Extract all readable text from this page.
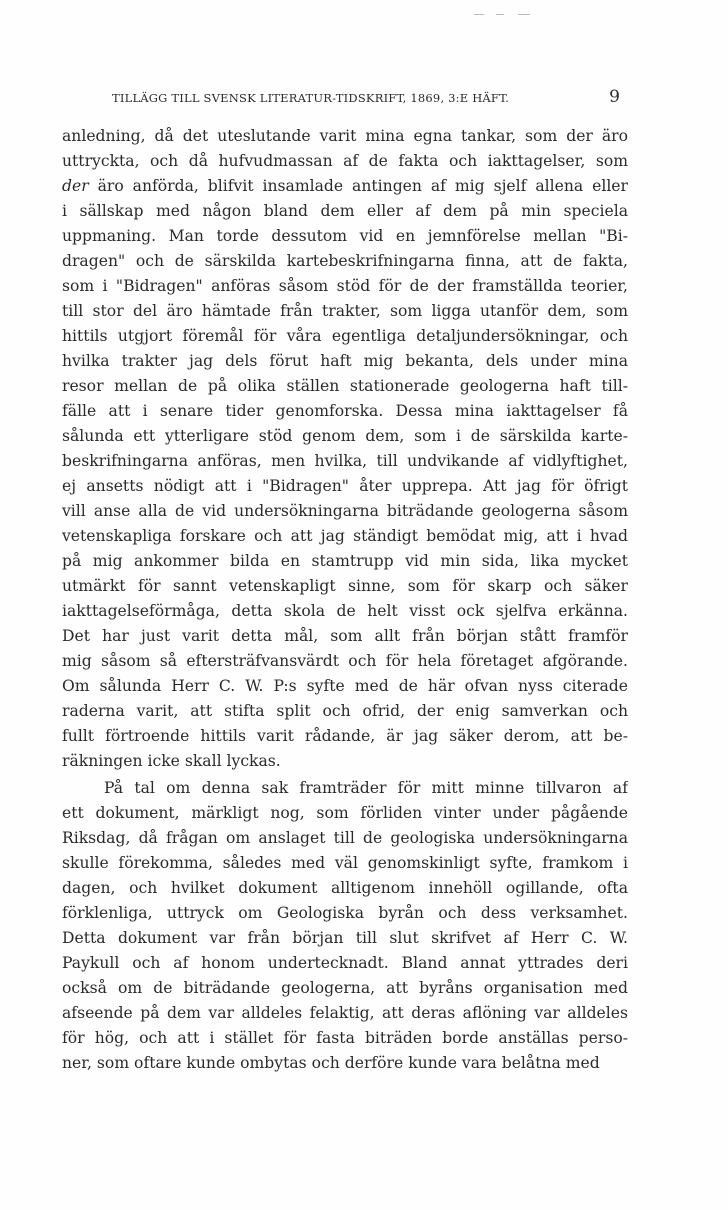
TILLÄGG TILL SVENSK LITERATUR-TIDSKRIFT, 1869, 3:E HÄFT.	9
anledning, då det uteslutande varit mina egna tankar, som der äro
uttryckta, och då hufvudmassan af de fakta och iakttagelser, som
der äro anförda, blifvit insamlade antingen af mig sjelf allena eller
i sällskap med någon bland dem eller af dem på min speciela
uppmaning. Man torde dessutom vid en jemnförelse mellan "Bi-
dragen" och de särskilda kartebeskrifningarna finna, att de fakta,
som i "Bidragen" anföras såsom stöd för de der framställda teorier,
till stor del äro hämtade från trakter, som ligga utanför dem, som
hittils utgjort föremål för våra egentliga detaljundersökningar, och
hvilka trakter jag dels förut haft mig bekanta, dels under mina
resor mellan de på olika ställen stationerade geologerna haft till-
fälle att i senare tider genomforska. Dessa mina iakttagelser få
sålunda ett ytterligare stöd genom dem, som i de särskilda karte-
beskrifningarna anföras, men hvilka, till undvikande af vidlyftighet,
ej ansetts nödigt att i "Bidragen" åter upprepa. Att jag för öfrigt
vill anse alla de vid undersökningarna biträdande geologerna såsom
vetenskapliga forskare och att jag ständigt bemödat mig, att i hvad
på mig ankommer bilda en stamtrupp vid min sida, lika mycket
utmärkt för sannt vetenskapligt sinne, som för skarp och säker
iakttagelseförmåga, detta skola de helt visst ock sjelfva erkänna.
Det har just varit detta mål, som allt från början stått framför
mig såsom så eftersträfvansvärdt och för hela företaget afgörande.
Om sålunda Herr C. W. P:s syfte med de här ofvan nyss citerade
raderna varit, att stifta split och ofrid, der enig samverkan och
fullt förtroende hittils varit rådande, är jag säker derom, att be-
räkningen icke skall lyckas.
På tal om denna sak framträder för mitt minne tillvaron af
ett dokument, märkligt nog, som förliden vinter under pågående
Riksdag, då frågan om anslaget till de geologiska undersökningarna
skulle förekomma, således med väl genomskinligt syfte, framkom i
dagen, och hvilket dokument alltigenom innehöll ogillande, ofta
förklenliga, uttryck om Geologiska byrån och dess verksamhet.
Detta dokument var från början till slut skrifvet af Herr C. W.
Paykull och af honom undertecknadt. Bland annat yttrades deri
också om de biträdande geologerna, att byråns organisation med
afseende på dem var alldeles felaktig, att deras aflöning var alldeles
för hög, och att i stället för fasta biträden borde anställas perso-
ner, som oftare kunde ombytas och derföre kunde vara belåtna med
